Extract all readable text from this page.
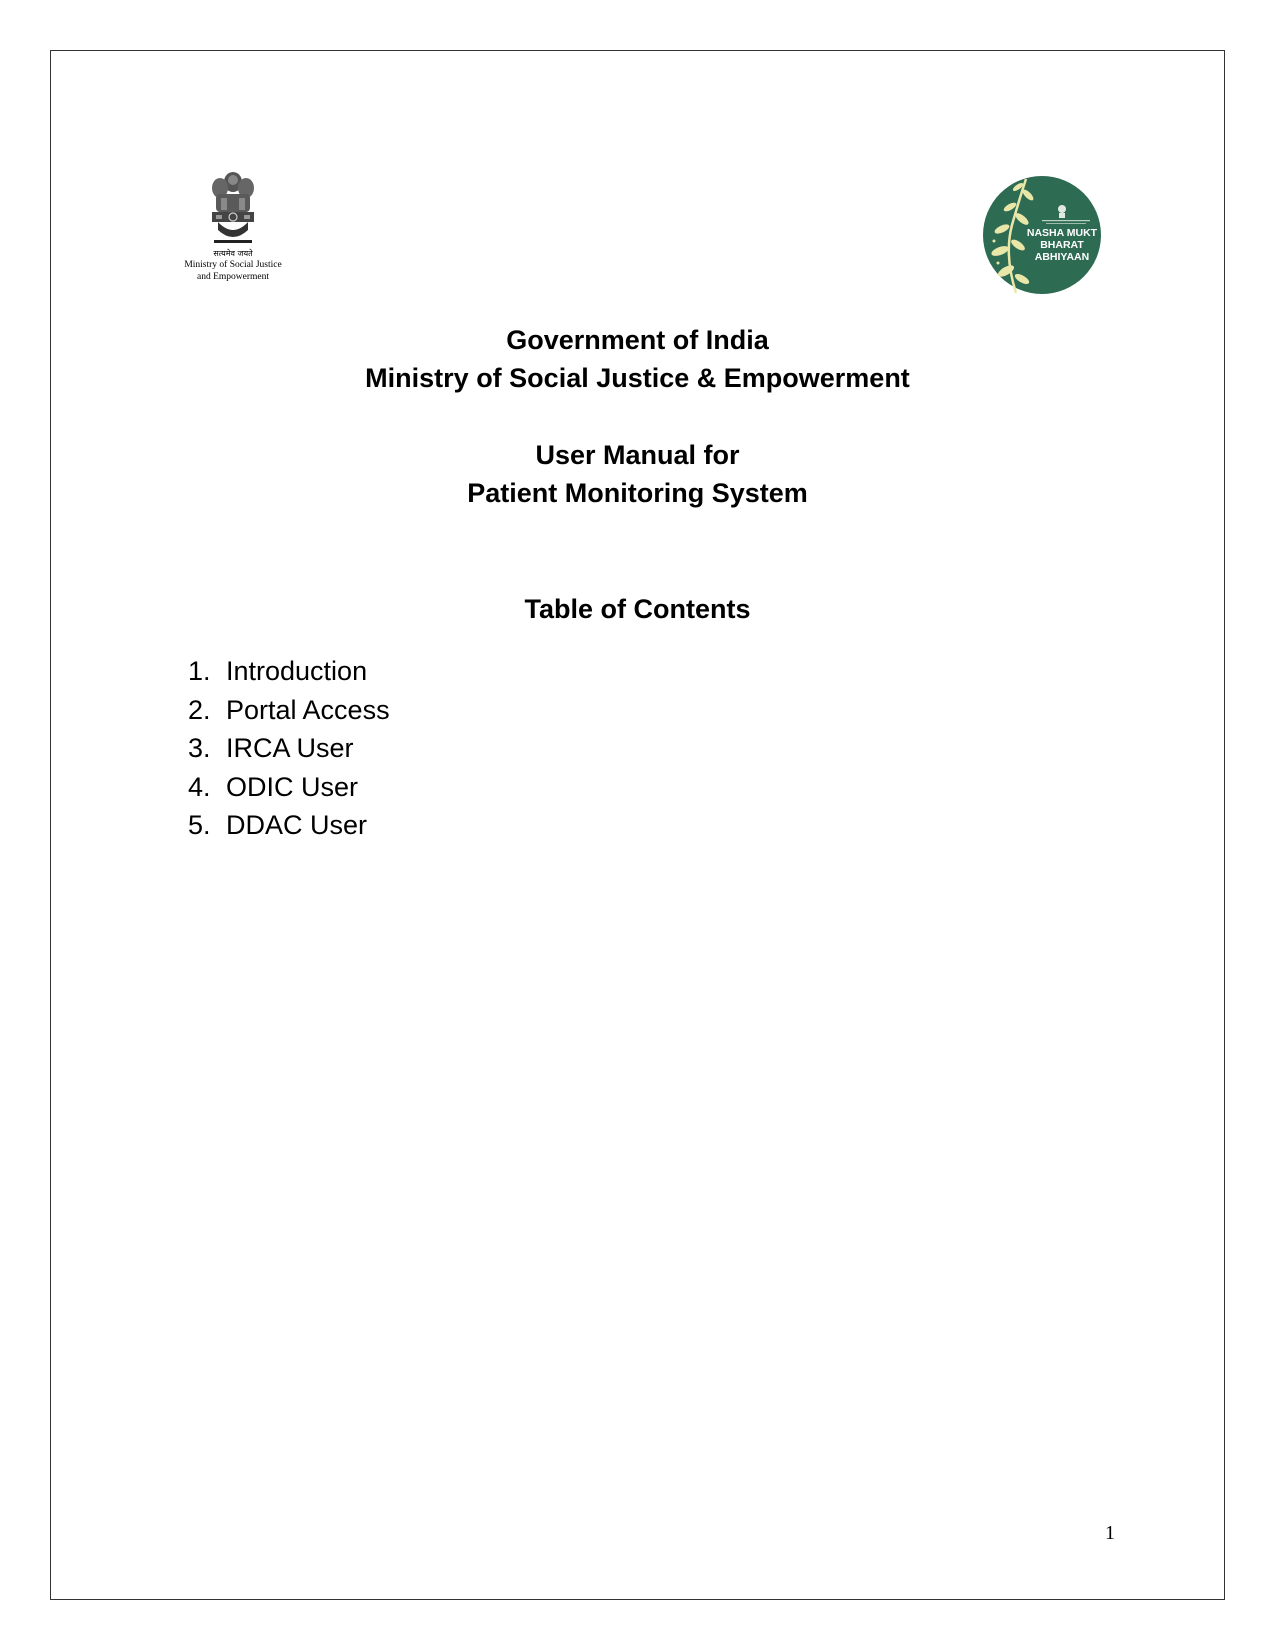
सत्यमेव जयते
Ministry of Social Justice
and Empowerment
NASHA MUKT
BHARAT
ABHIYAAN
Government of India
Ministry of Social Justice & Empowerment
User Manual for
Patient Monitoring System
Table of Contents
1. Introduction
2. Portal Access
3. IRCA User
4. ODIC User
5. DDAC User
1
